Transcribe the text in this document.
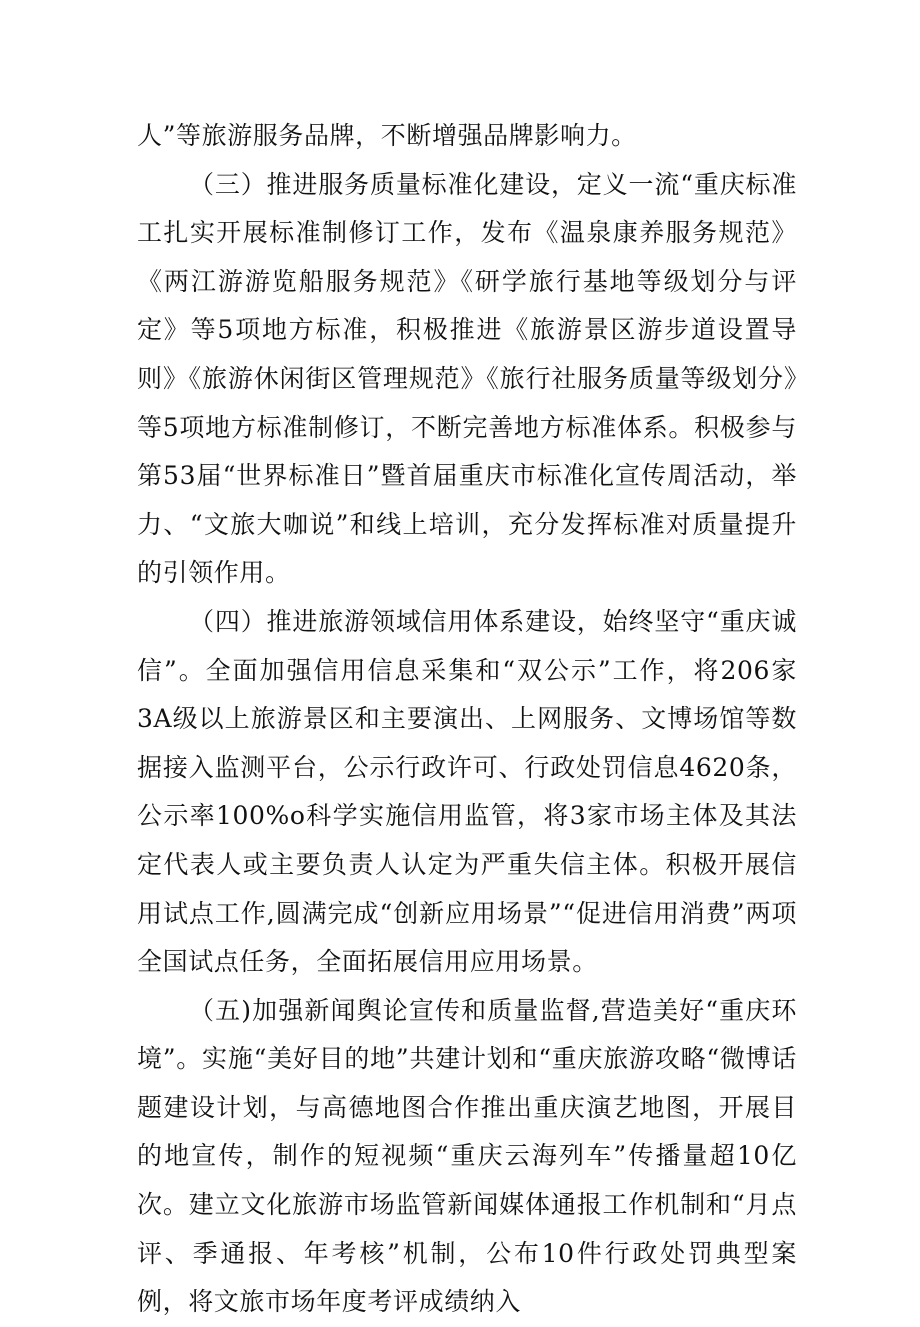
人”等旅游服务品牌，不断增强品牌影响力。

（三）推进服务质量标准化建设，定义一流“重庆标准工扎实开展标准制修订工作，发布《温泉康养服务规范》《两江游游览船服务规范》《研学旅行基地等级划分与评定》等5项地方标准，积极推进《旅游景区游步道设置导则》《旅游休闲街区管理规范》《旅行社服务质量等级划分》等5项地方标准制修订，不断完善地方标准体系。积极参与第53届“世界标准日”暨首届重庆市标准化宣传周活动，举力、“文旅大咖说”和线上培训，充分发挥标准对质量提升的引领作用。

（四）推进旅游领域信用体系建设，始终坚守“重庆诚信”。全面加强信用信息采集和“双公示”工作，将206家3A级以上旅游景区和主要演出、上网服务、文博场馆等数据接入监测平台，公示行政许可、行政处罚信息4620条，公示率100%o科学实施信用监管，将3家市场主体及其法定代表人或主要负责人认定为严重失信主体。积极开展信用试点工作,圆满完成“创新应用场景”“促进信用消费”两项全国试点任务，全面拓展信用应用场景。

（五)加强新闻舆论宣传和质量监督,营造美好“重庆环境”。实施“美好目的地”共建计划和“重庆旅游攻略“微博话题建设计划，与高德地图合作推出重庆演艺地图，开展目的地宣传，制作的短视频“重庆云海列车”传播量超10亿次。建立文化旅游市场监管新闻媒体通报工作机制和“月点评、季通报、年考核”机制，公布10件行政处罚典型案例，将文旅市场年度考评成绩纳入
